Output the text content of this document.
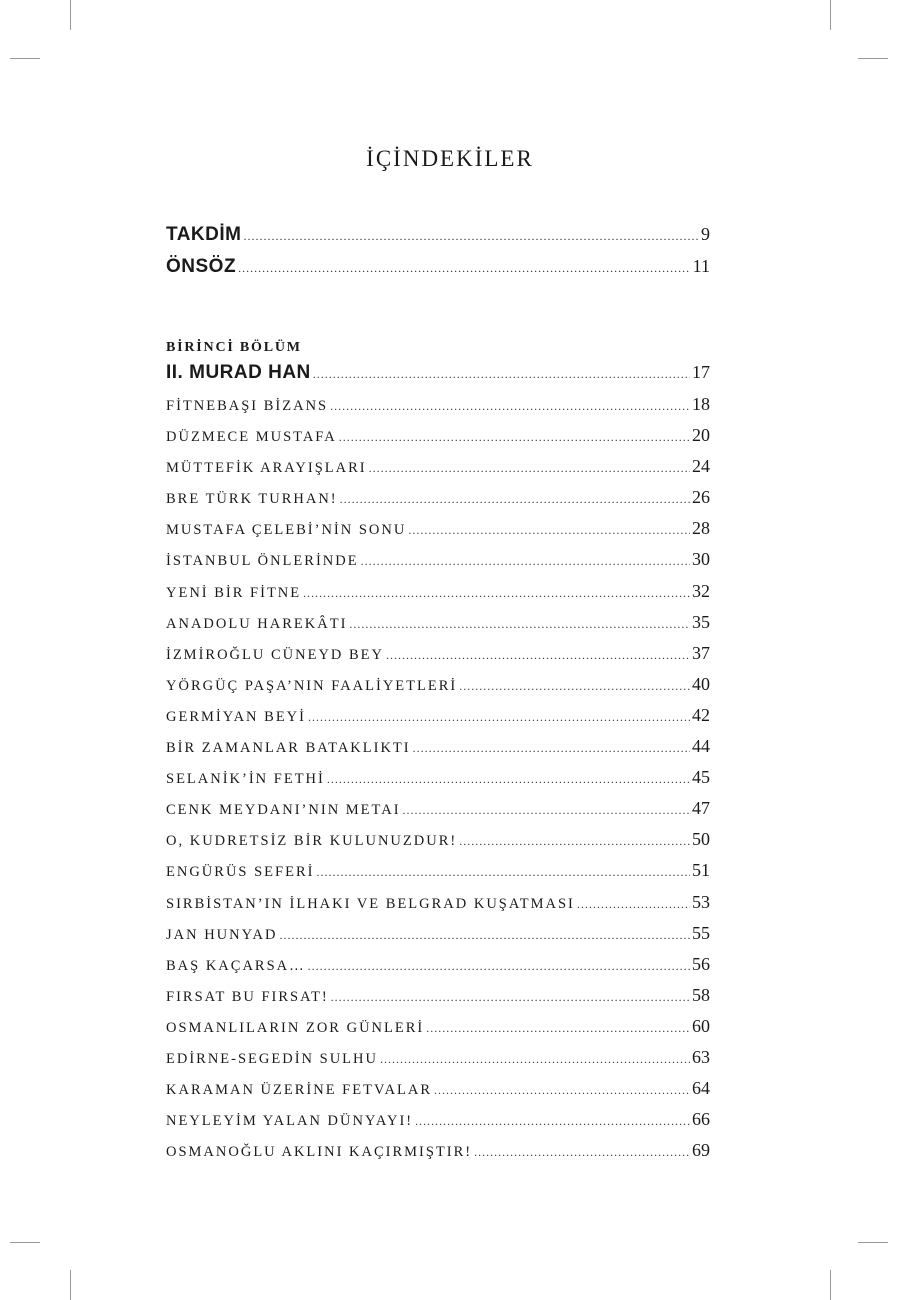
İÇİNDEKİLER
TAKDİM .....	9
ÖNSÖZ .....	11
BİRİNCİ BÖLÜM
II. MURAD HAN .....	17
FİTNEBAŞI BİZANS .....	18
DÜZMECE MUSTAFA .....	20
MÜTTEFİK ARAYIŞLARI .....	24
BRE TÜRK TURHAN! .....	26
MUSTAFA ÇELEBİ’NİN SONU .....	28
İSTANBUL ÖNLERİNDE .....	30
YENİ BİR FİTNE .....	32
ANADOLU HAREKÂTI .....	35
İZMİROĞLU CÜNEYD BEY .....	37
YÖRGÜÇ PAŞA’NIN FAALİYETLERİ .....	40
GERMİYAN BEYİ .....	42
BİR ZAMANLAR BATAKLIKTI .....	44
SELANİK’İN FETHİ .....	45
CENK MEYDANI’NIN METAI .....	47
O, KUDRETSİZ BİR KULUNUZDUR! .....	50
ENGÜRÜS SEFERİ .....	51
SIRBİSTAN’IN İLHAKI VE BELGRAD KUŞATMASI .....	53
JAN HUNYAD .....	55
BAŞ KAÇARSA… .....	56
FIRSAT BU FIRSAT! .....	58
OSMANLILARIN ZOR GÜNLERİ .....	60
EDİRNE-SEGEDİN SULHU .....	63
KARAMAN ÜZERİNE FETVALAR .....	64
NEYLEYİM YALAN DÜNYAYI! .....	66
OSMANOĞLU AKLINI KAÇIRMIŞTIR! .....	69
